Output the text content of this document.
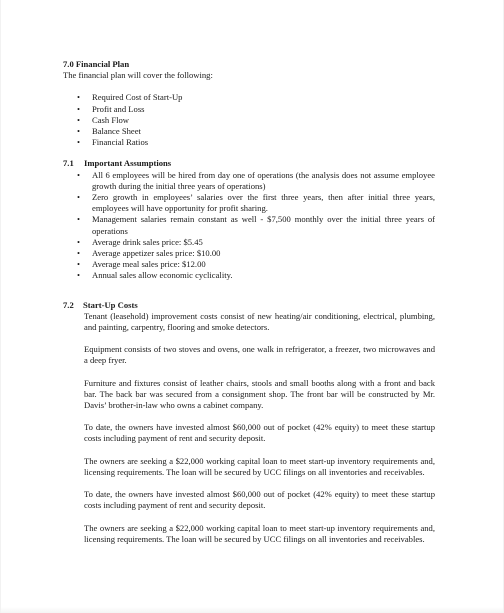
7.0 Financial Plan

The financial plan will cover the following:

• Required Cost of Start-Up
• Profit and Loss
• Cash Flow
• Balance Sheet
• Financial Ratios

7.1 Important Assumptions

• All 6 employees will be hired from day one of operations (the analysis does not assume employee growth during the initial three years of operations)
• Zero growth in employees’ salaries over the first three years, then after initial three years, employees will have opportunity for profit sharing.
• Management salaries remain constant as well - $7,500 monthly over the initial three years of operations
• Average drink sales price: $5.45
• Average appetizer sales price: $10.00
• Average meal sales price: $12.00
• Annual sales allow economic cyclicality.

7.2 Start-Up Costs

Tenant (leasehold) improvement costs consist of new heating/air conditioning, electrical, plumbing, and painting, carpentry, flooring and smoke detectors.

Equipment consists of two stoves and ovens, one walk in refrigerator, a freezer, two microwaves and a deep fryer.

Furniture and fixtures consist of leather chairs, stools and small booths along with a front and back bar. The back bar was secured from a consignment shop. The front bar will be constructed by Mr. Davis’ brother-in-law who owns a cabinet company.

To date, the owners have invested almost $60,000 out of pocket (42% equity) to meet these startup costs including payment of rent and security deposit.

The owners are seeking a $22,000 working capital loan to meet start-up inventory requirements and, licensing requirements. The loan will be secured by UCC filings on all inventories and receivables.

To date, the owners have invested almost $60,000 out of pocket (42% equity) to meet these startup costs including payment of rent and security deposit.

The owners are seeking a $22,000 working capital loan to meet start-up inventory requirements and, licensing requirements. The loan will be secured by UCC filings on all inventories and receivables.
